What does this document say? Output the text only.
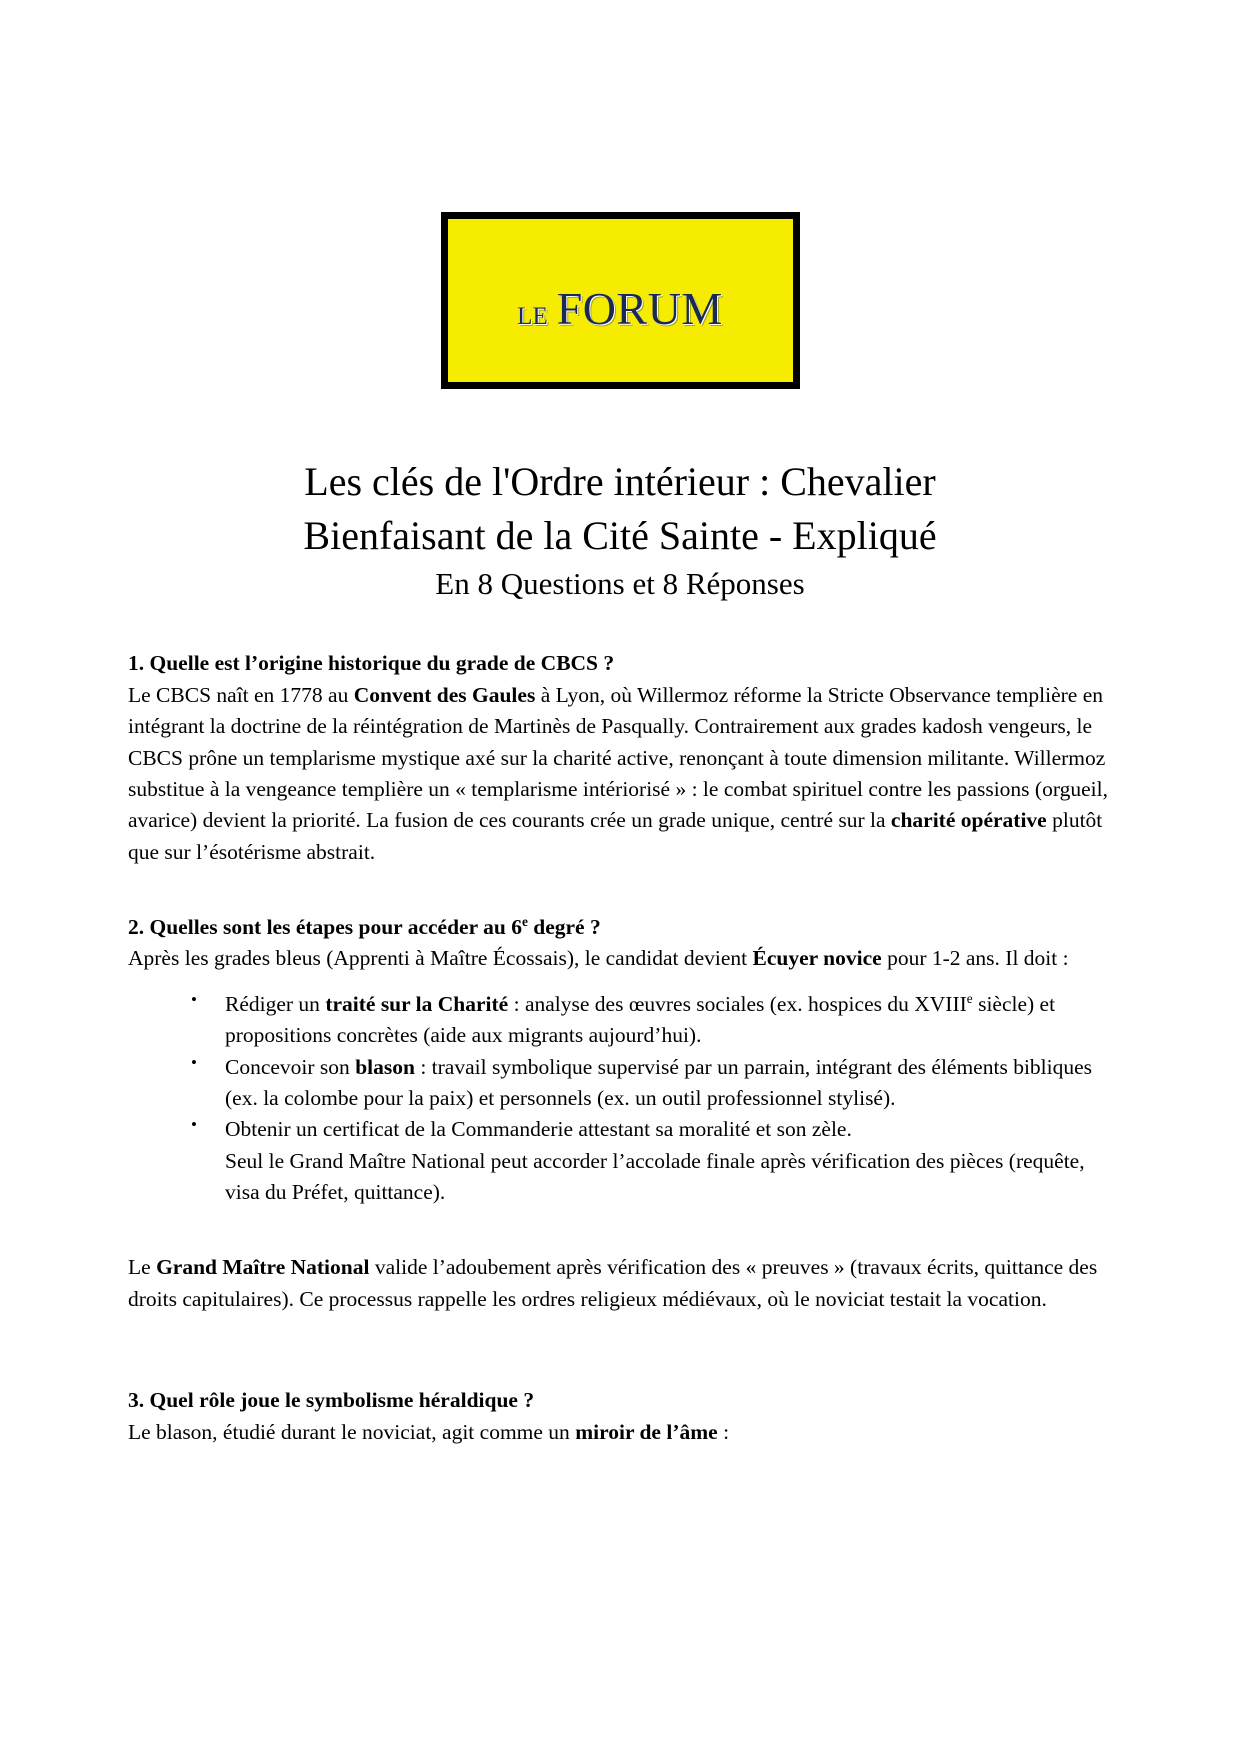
le forum
Les clés de l'Ordre intérieur : Chevalier
Bienfaisant de la Cité Sainte - Expliqué
En 8 Questions et 8 Réponses

1. Quelle est l’origine historique du grade de CBCS ?

Le CBCS naît en 1778 au Convent des Gaules à Lyon, où Willermoz réforme la Stricte Observance templière en intégrant la doctrine de la réintégration de Martinès de Pasqually. Contrairement aux grades kadosh vengeurs, le CBCS prône un templarisme mystique axé sur la charité active, renonçant à toute dimension militante. Willermoz substitue à la vengeance templière un « templarisme intériorisé » : le combat spirituel contre les passions (orgueil, avarice) devient la priorité. La fusion de ces courants crée un grade unique, centré sur la charité opérative plutôt que sur l’ésotérisme abstrait.

2. Quelles sont les étapes pour accéder au 6e degré ?

Après les grades bleus (Apprenti à Maître Écossais), le candidat devient Écuyer novice pour 1-2 ans. Il doit :

• Rédiger un traité sur la Charité : analyse des œuvres sociales (ex. hospices du XVIIIe siècle) et propositions concrètes (aide aux migrants aujourd’hui).
• Concevoir son blason : travail symbolique supervisé par un parrain, intégrant des éléments bibliques (ex. la colombe pour la paix) et personnels (ex. un outil professionnel stylisé).
• Obtenir un certificat de la Commanderie attestant sa moralité et son zèle.
Seul le Grand Maître National peut accorder l’accolade finale après vérification des pièces (requête, visa du Préfet, quittance).

Le Grand Maître National valide l’adoubement après vérification des « preuves » (travaux écrits, quittance des droits capitulaires). Ce processus rappelle les ordres religieux médiévaux, où le noviciat testait la vocation.

3. Quel rôle joue le symbolisme héraldique ?

Le blason, étudié durant le noviciat, agit comme un miroir de l’âme :
